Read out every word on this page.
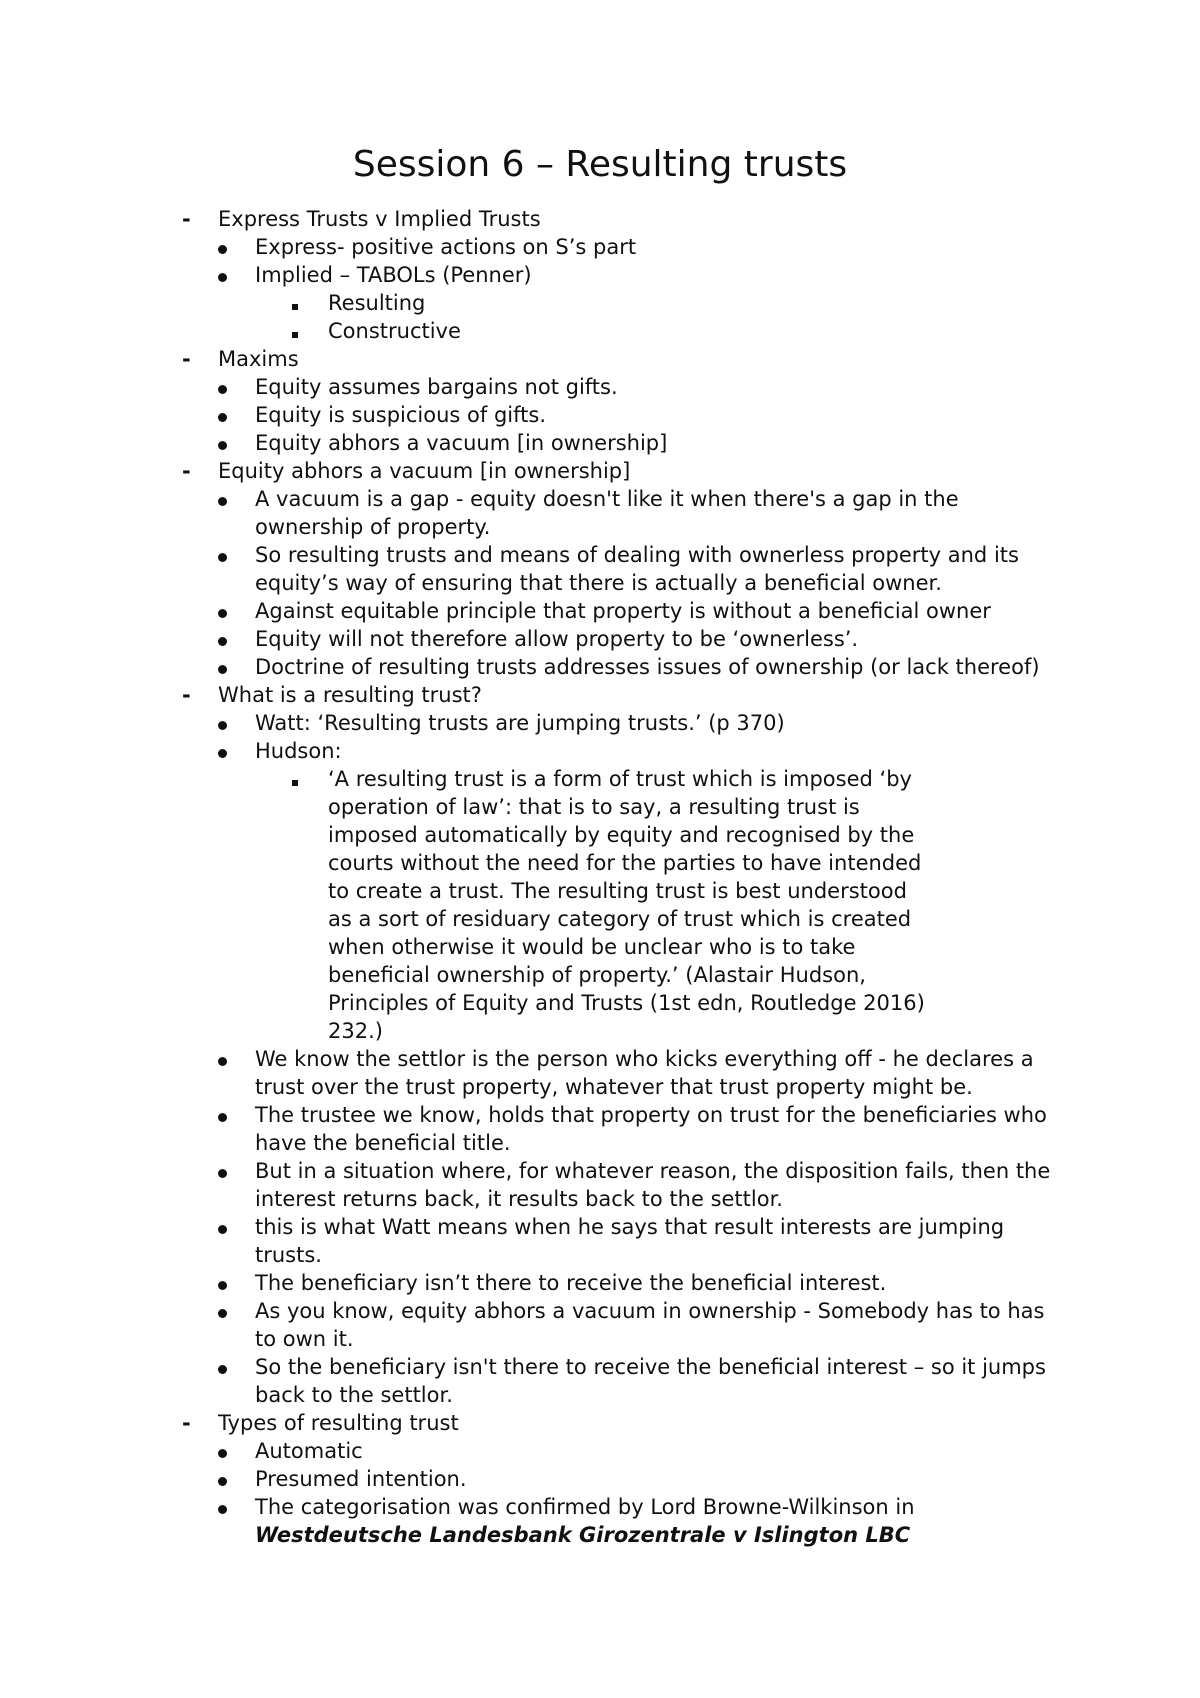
Session 6 – Resulting trusts
-	Express Trusts v Implied Trusts
Express- positive actions on S’s part
Implied – TABOLs (Penner)
Resulting
Constructive
-	Maxims
Equity assumes bargains not gifts.
Equity is suspicious of gifts.
Equity abhors a vacuum [in ownership]
-	Equity abhors a vacuum [in ownership]
A vacuum is a gap - equity doesn't like it when there's a gap in the ownership of property.
So resulting trusts and means of dealing with ownerless property and its equity’s way of ensuring that there is actually a beneficial owner.
Against equitable principle that property is without a beneficial owner
Equity will not therefore allow property to be ‘ownerless’.
Doctrine of resulting trusts addresses issues of ownership (or lack thereof)
-	What is a resulting trust?
Watt: ‘Resulting trusts are jumping trusts.’ (p 370)
Hudson:
‘A resulting trust is a form of trust which is imposed ‘by operation of law’: that is to say, a resulting trust is imposed automatically by equity and recognised by the courts without the need for the parties to have intended to create a trust. The resulting trust is best understood as a sort of residuary category of trust which is created when otherwise it would be unclear who is to take beneficial ownership of property.’ (Alastair Hudson, Principles of Equity and Trusts (1st edn, Routledge 2016) 232.)
We know the settlor is the person who kicks everything off - he declares a trust over the trust property, whatever that trust property might be.
The trustee we know, holds that property on trust for the beneficiaries who have the beneficial title.
But in a situation where, for whatever reason, the disposition fails, then the interest returns back, it results back to the settlor.
this is what Watt means when he says that result interests are jumping trusts.
The beneficiary isn’t there to receive the beneficial interest.
As you know, equity abhors a vacuum in ownership - Somebody has to has to own it.
So the beneficiary isn't there to receive the beneficial interest – so it jumps back to the settlor.
-	Types of resulting trust
Automatic
Presumed intention.
The categorisation was confirmed by Lord Browne-Wilkinson in
Westdeutsche Landesbank Girozentrale v Islington LBC
